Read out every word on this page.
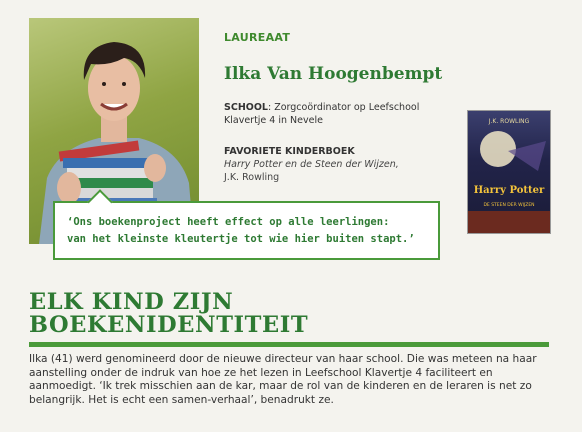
LAUREAAT
Ilka Van Hoogenbempt
SCHOOL: Zorgcoördinator op Leefschool Klavertje 4 in Nevele
FAVORIETE KINDERBOEK
Harry Potter en de Steen der Wijzen,
J.K. Rowling
J.K. ROWLING
Harry Potter
DE STEEN DER WIJZEN
‘Ons boekenproject heeft effect op alle leerlingen:
van het kleinste kleutertje tot wie hier buiten stapt.’
ELK KIND ZIJN
BOEKENIDENTITEIT
Ilka (41) werd genomineerd door de nieuwe directeur van haar school. Die was meteen na haar aanstelling onder de indruk van hoe ze het lezen in Leefschool Klavertje 4 faciliteert en aanmoedigt. ‘Ik trek misschien aan de kar, maar de rol van de kinderen en de leraren is net zo belangrijk. Het is echt een samen-verhaal’, benadrukt ze.
